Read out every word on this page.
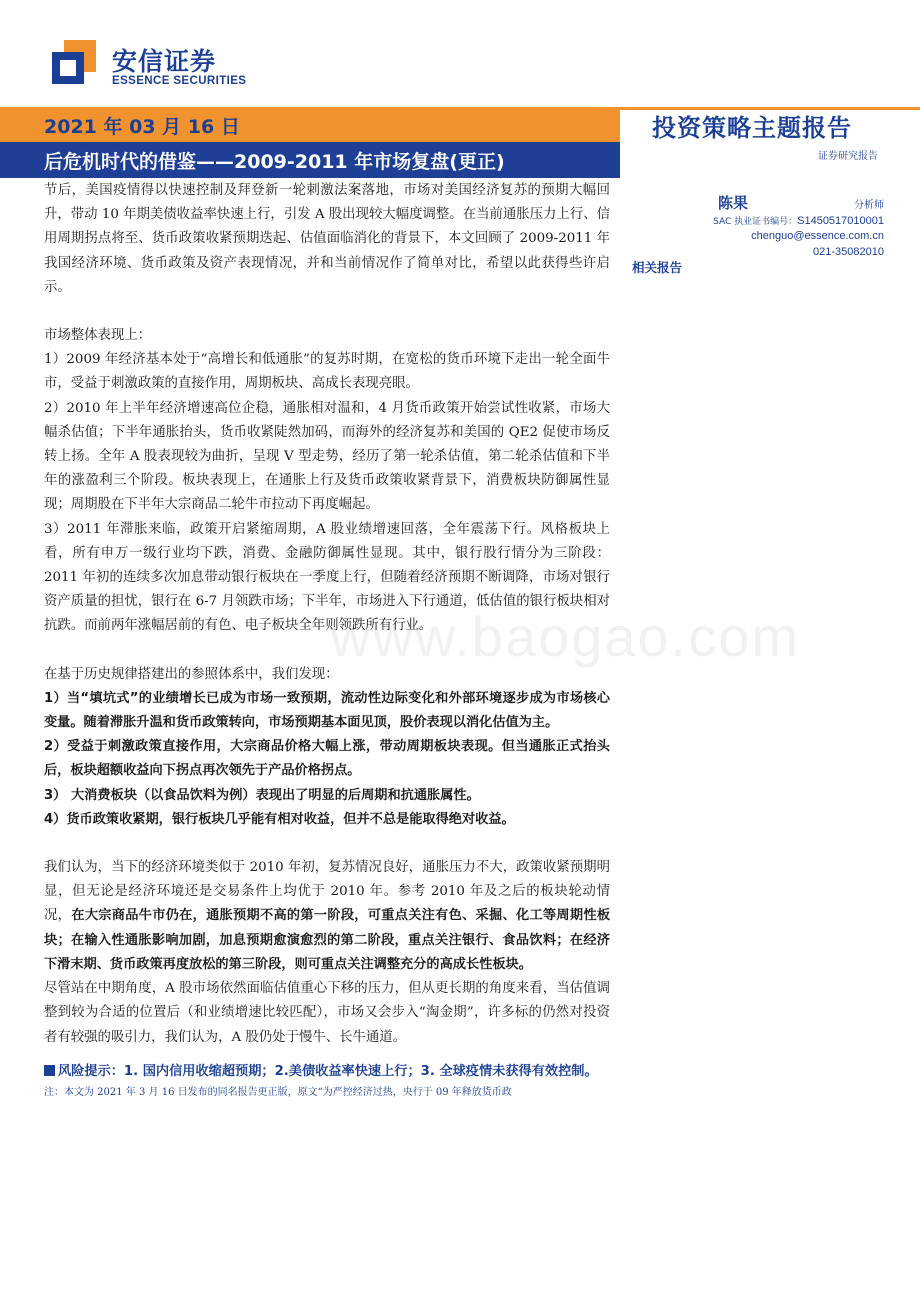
安信证券
ESSENCE SECURITIES
2021 年 03 月 16 日
后危机时代的借鉴——2009-2011 年市场复盘(更正)
投资策略主题报告
证券研究报告
陈果	分析师
SAC 执业证书编号：S1450517010001
chenguo@essence.com.cn
021-35082010
相关报告
www.baogao.com

节后，美国疫情得以快速控制及拜登新一轮刺激法案落地，市场对美国经济复苏的预期大幅回升，带动 10 年期美债收益率快速上行，引发 A 股出现较大幅度调整。在当前通胀压力上行、信用周期拐点将至、货币政策收紧预期迭起、估值面临消化的背景下，本文回顾了 2009-2011 年我国经济环境、货币政策及资产表现情况，并和当前情况作了简单对比，希望以此获得些许启示。

市场整体表现上：

1）2009 年经济基本处于“高增长和低通胀”的复苏时期，在宽松的货币环境下走出一轮全面牛市，受益于刺激政策的直接作用，周期板块、高成长表现亮眼。

2）2010 年上半年经济增速高位企稳，通胀相对温和，4 月货币政策开始尝试性收紧，市场大幅杀估值；下半年通胀抬头，货币收紧陡然加码，而海外的经济复苏和美国的 QE2 促使市场反转上扬。全年 A 股表现较为曲折，呈现 V 型走势，经历了第一轮杀估值，第二轮杀估值和下半年的涨盈利三个阶段。板块表现上，在通胀上行及货币政策收紧背景下，消费板块防御属性显现；周期股在下半年大宗商品二轮牛市拉动下再度崛起。

3）2011 年滞胀来临，政策开启紧缩周期，A 股业绩增速回落，全年震荡下行。风格板块上看，所有申万一级行业均下跌，消费、金融防御属性显现。其中，银行股行情分为三阶段：2011 年初的连续多次加息带动银行板块在一季度上行，但随着经济预期不断调降，市场对银行资产质量的担忧，银行在 6-7 月领跌市场；下半年，市场进入下行通道，低估值的银行板块相对抗跌。而前两年涨幅居前的有色、电子板块全年则领跌所有行业。

在基于历史规律搭建出的参照体系中，我们发现：

1）当“填坑式”的业绩增长已成为市场一致预期，流动性边际变化和外部环境逐步成为市场核心变量。随着滞胀升温和货币政策转向，市场预期基本面见顶，股价表现以消化估值为主。

2）受益于刺激政策直接作用，大宗商品价格大幅上涨，带动周期板块表现。但当通胀正式抬头后，板块超额收益向下拐点再次领先于产品价格拐点。

3） 大消费板块（以食品饮料为例）表现出了明显的后周期和抗通胀属性。

4）货币政策收紧期，银行板块几乎能有相对收益，但并不总是能取得绝对收益。

我们认为，当下的经济环境类似于 2010 年初，复苏情况良好，通胀压力不大，政策收紧预期明显，但无论是经济环境还是交易条件上均优于 2010 年。参考 2010 年及之后的板块轮动情况，在大宗商品牛市仍在，通胀预期不高的第一阶段，可重点关注有色、采掘、化工等周期性板块；在输入性通胀影响加剧，加息预期愈演愈烈的第二阶段，重点关注银行、食品饮料；在经济下滑末期、货币政策再度放松的第三阶段，则可重点关注调整充分的高成长性板块。

尽管站在中期角度，A 股市场依然面临估值重心下移的压力，但从更长期的角度来看，当估值调整到较为合适的位置后（和业绩增速比较匹配），市场又会步入“淘金期”，许多标的仍然对投资者有较强的吸引力，我们认为，A 股仍处于慢牛、长牛通道。

风险提示：1. 国内信用收缩超预期；2.美债收益率快速上行；3. 全球疫情未获得有效控制。

注：本文为 2021 年 3 月 16 日发布的同名报告更正版，原文“为严控经济过热，央行于 09 年释放货币政
